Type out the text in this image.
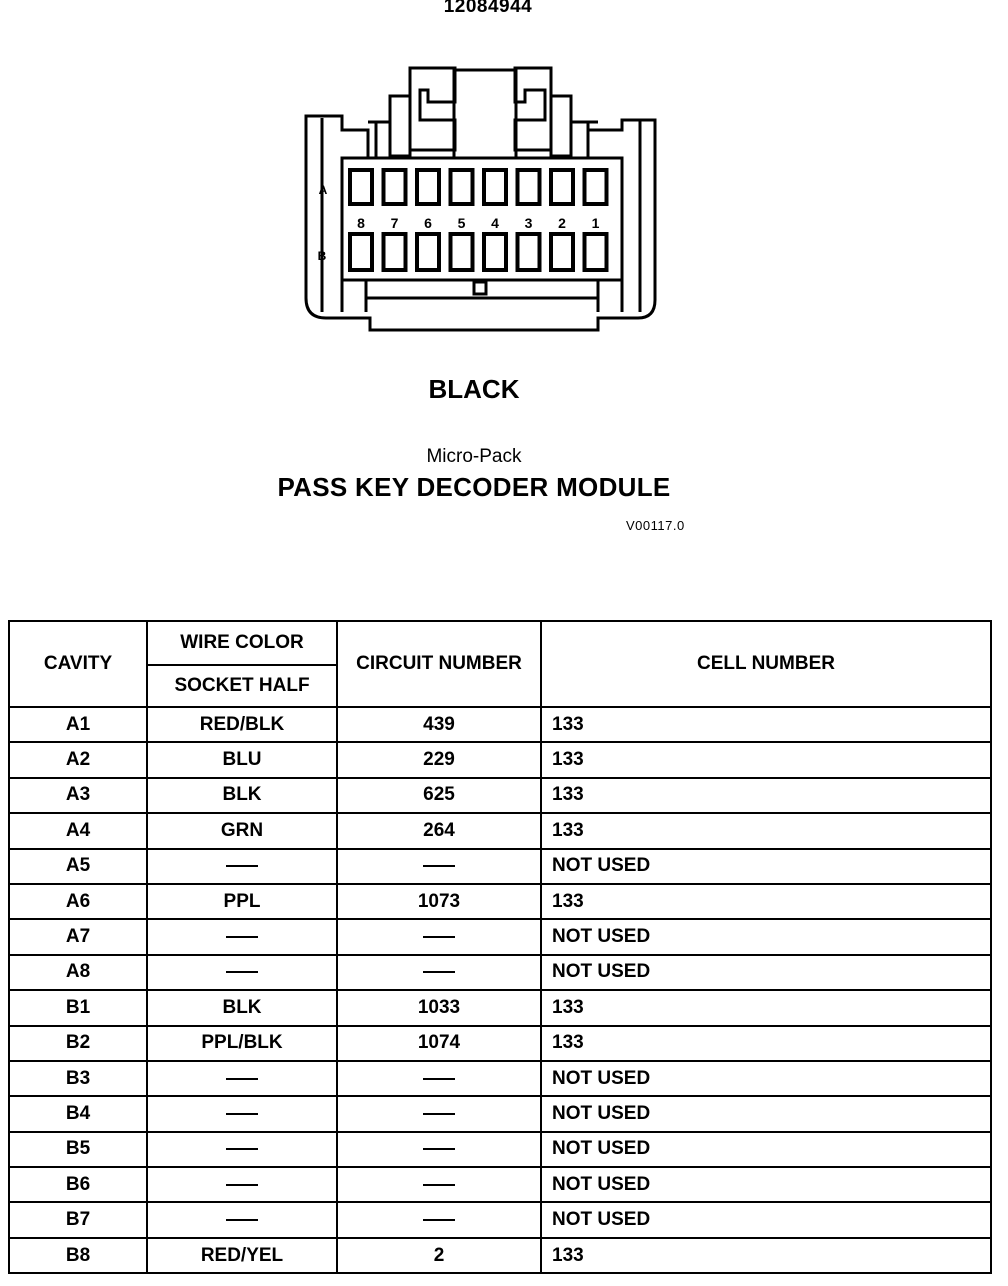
12084944
8 7 6 5 4 3 2 1
A
B
BLACK
Micro-Pack
PASS KEY DECODER MODULE
V00117.0
CAVITY	WIRE COLOR	CIRCUIT NUMBER	CELL NUMBER
	SOCKET HALF		
A1	RED/BLK	439	133
A2	BLU	229	133
A3	BLK	625	133
A4	GRN	264	133
A5			NOT USED
A6	PPL	1073	133
A7			NOT USED
A8			NOT USED
B1	BLK	1033	133
B2	PPL/BLK	1074	133
B3			NOT USED
B4			NOT USED
B5			NOT USED
B6			NOT USED
B7			NOT USED
B8	RED/YEL	2	133
